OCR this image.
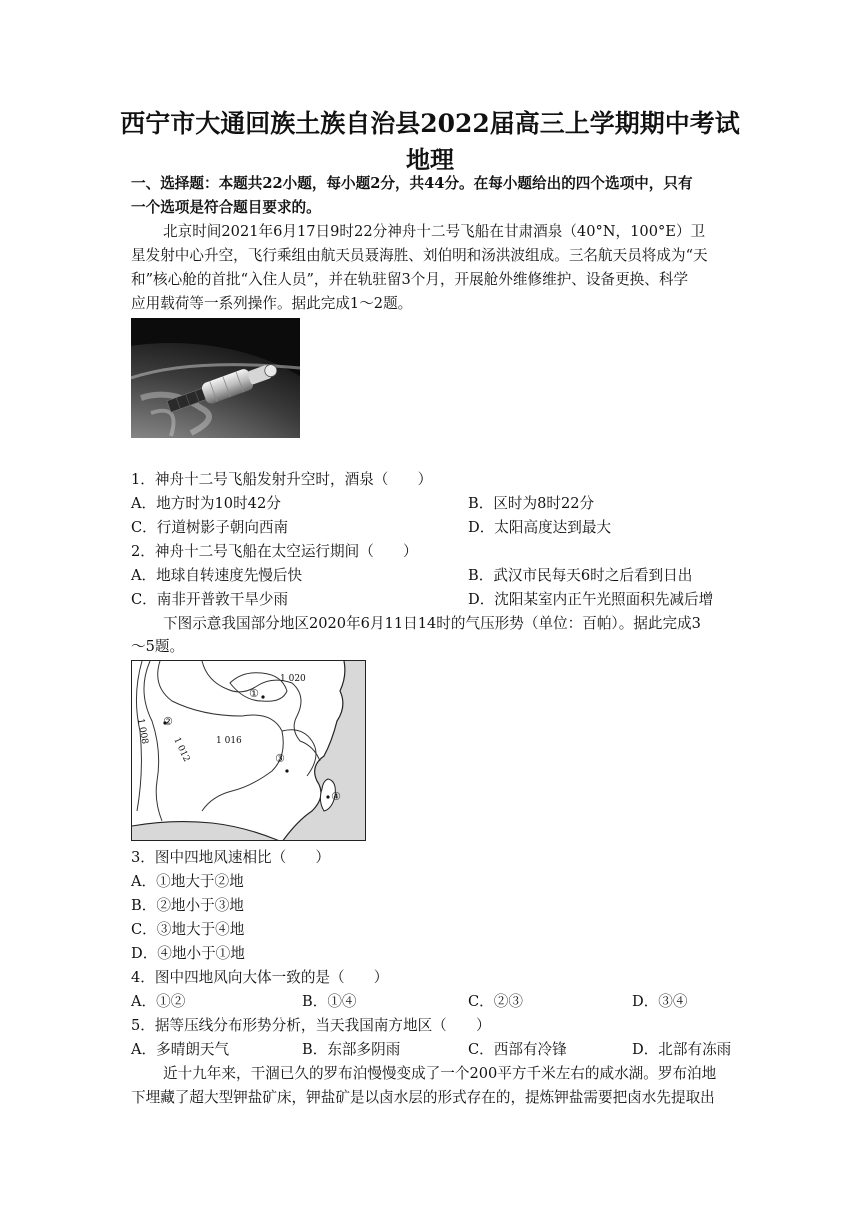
西宁市大通回族土族自治县2022届高三上学期期中考试
地理
一、选择题：本题共22小题，每小题2分，共44分。在每小题给出的四个选项中，只有
一个选项是符合题目要求的。
北京时间2021年6月17日9时22分神舟十二号飞船在甘肃酒泉（40°N，100°E）卫
星发射中心升空，飞行乘组由航天员聂海胜、刘伯明和汤洪波组成。三名航天员将成为“天
和”核心舱的首批“入住人员”，并在轨驻留3个月，开展舱外维修维护、设备更换、科学
应用载荷等一系列操作。据此完成1～2题。
1．神舟十二号飞船发射升空时，酒泉（　　）
A．地方时为10时42分	B．区时为8时22分
C．行道树影子朝向西南	D．太阳高度达到最大
2．神舟十二号飞船在太空运行期间（　　）
A．地球自转速度先慢后快	B．武汉市民每天6时之后看到日出
C．南非开普敦干旱少雨	D．沈阳某室内正午光照面积先减后增
下图示意我国部分地区2020年6月11日14时的气压形势（单位：百帕）。据此完成3
～5题。
1 020
1 016
1 012
1 008
①
②
③
④
3．图中四地风速相比（　　）
A．①地大于②地
B．②地小于③地
C．③地大于④地
D．④地小于①地
4．图中四地风向大体一致的是（　　）
A．①②	B．①④	C．②③	D．③④
5．据等压线分布形势分析，当天我国南方地区（　　）
A．多晴朗天气	B．东部多阴雨	C．西部有冷锋	D．北部有冻雨
近十九年来，干涸已久的罗布泊慢慢变成了一个200平方千米左右的咸水湖。罗布泊地
下埋藏了超大型钾盐矿床，钾盐矿是以卤水层的形式存在的，提炼钾盐需要把卤水先提取出
